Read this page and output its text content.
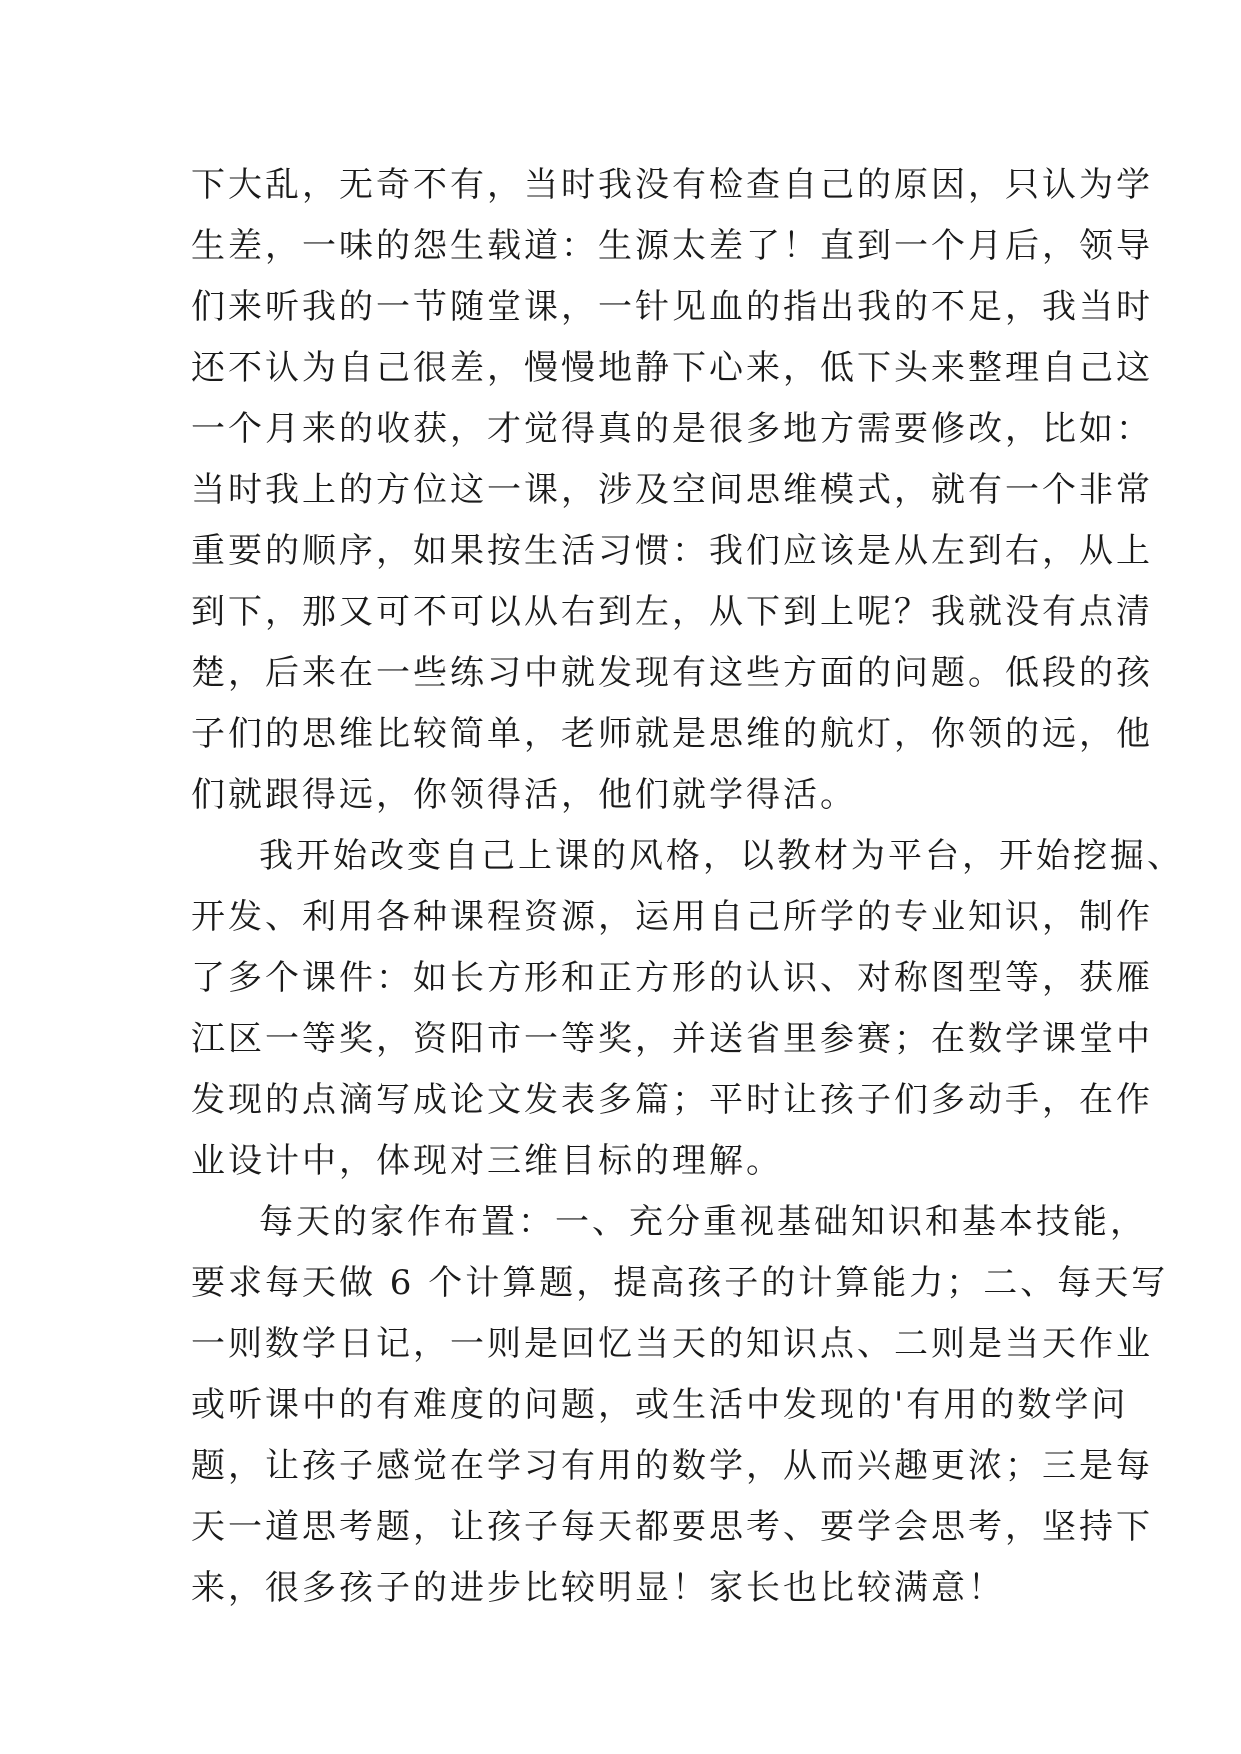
下大乱，无奇不有，当时我没有检查自己的原因，只认为学
生差，一味的怨生载道：生源太差了！直到一个月后，领导
们来听我的一节随堂课，一针见血的指出我的不足，我当时
还不认为自己很差，慢慢地静下心来，低下头来整理自己这
一个月来的收获，才觉得真的是很多地方需要修改，比如：
当时我上的方位这一课，涉及空间思维模式，就有一个非常
重要的顺序，如果按生活习惯：我们应该是从左到右，从上
到下，那又可不可以从右到左，从下到上呢？我就没有点清
楚，后来在一些练习中就发现有这些方面的问题。低段的孩
子们的思维比较简单，老师就是思维的航灯，你领的远，他
们就跟得远，你领得活，他们就学得活。
我开始改变自己上课的风格，以教材为平台，开始挖掘、
开发、利用各种课程资源，运用自己所学的专业知识，制作
了多个课件：如长方形和正方形的认识、对称图型等，获雁
江区一等奖，资阳市一等奖，并送省里参赛；在数学课堂中
发现的点滴写成论文发表多篇；平时让孩子们多动手，在作
业设计中，体现对三维目标的理解。
每天的家作布置：一、充分重视基础知识和基本技能，
要求每天做 6 个计算题，提高孩子的计算能力；二、每天写
一则数学日记，一则是回忆当天的知识点、二则是当天作业
或听课中的有难度的问题，或生活中发现的'有用的数学问
题，让孩子感觉在学习有用的数学，从而兴趣更浓；三是每
天一道思考题，让孩子每天都要思考、要学会思考，坚持下
来，很多孩子的进步比较明显！家长也比较满意！
